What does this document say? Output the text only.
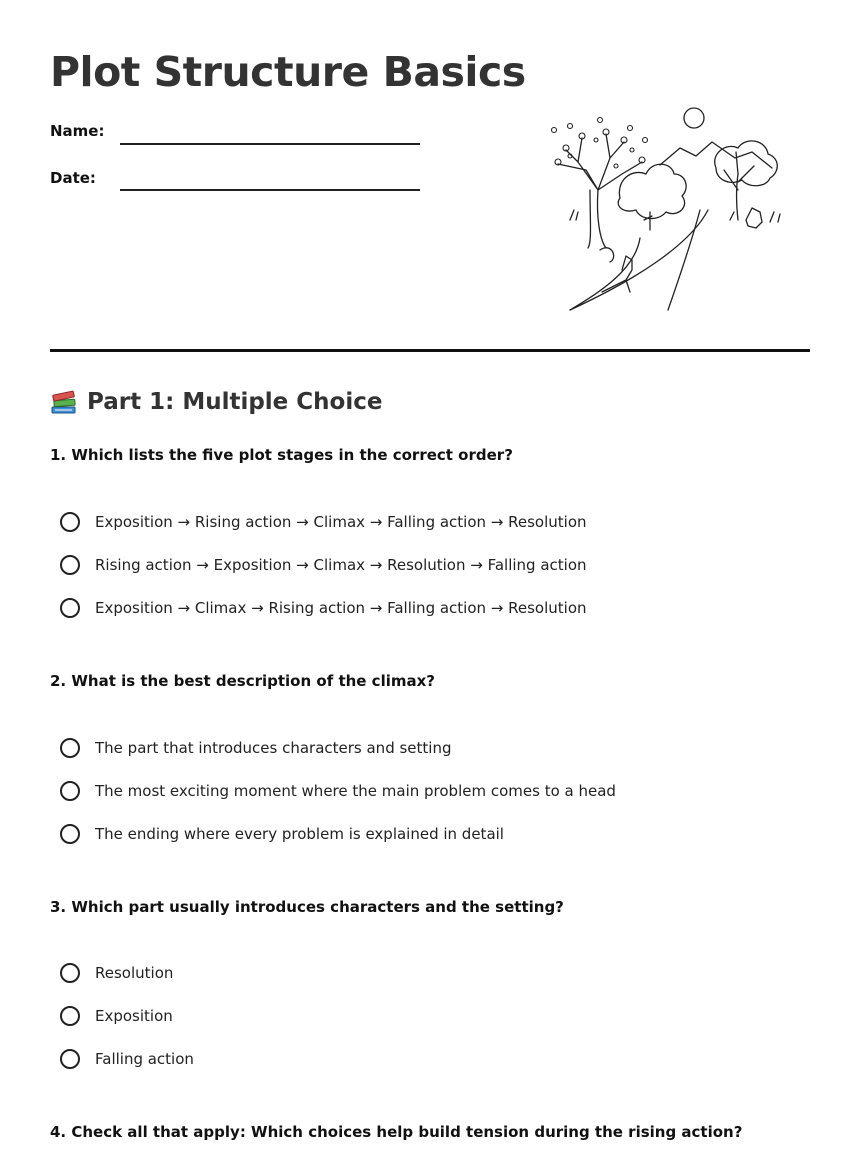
Plot Structure Basics
Name:
Date:
Part 1: Multiple Choice

1. Which lists the five plot stages in the correct order?

Exposition → Rising action → Climax → Falling action → Resolution
Rising action → Exposition → Climax → Resolution → Falling action
Exposition → Climax → Rising action → Falling action → Resolution

2. What is the best description of the climax?

The part that introduces characters and setting
The most exciting moment where the main problem comes to a head
The ending where every problem is explained in detail

3. Which part usually introduces characters and the setting?

Resolution
Exposition
Falling action

4. Check all that apply: Which choices help build tension during the rising action?
